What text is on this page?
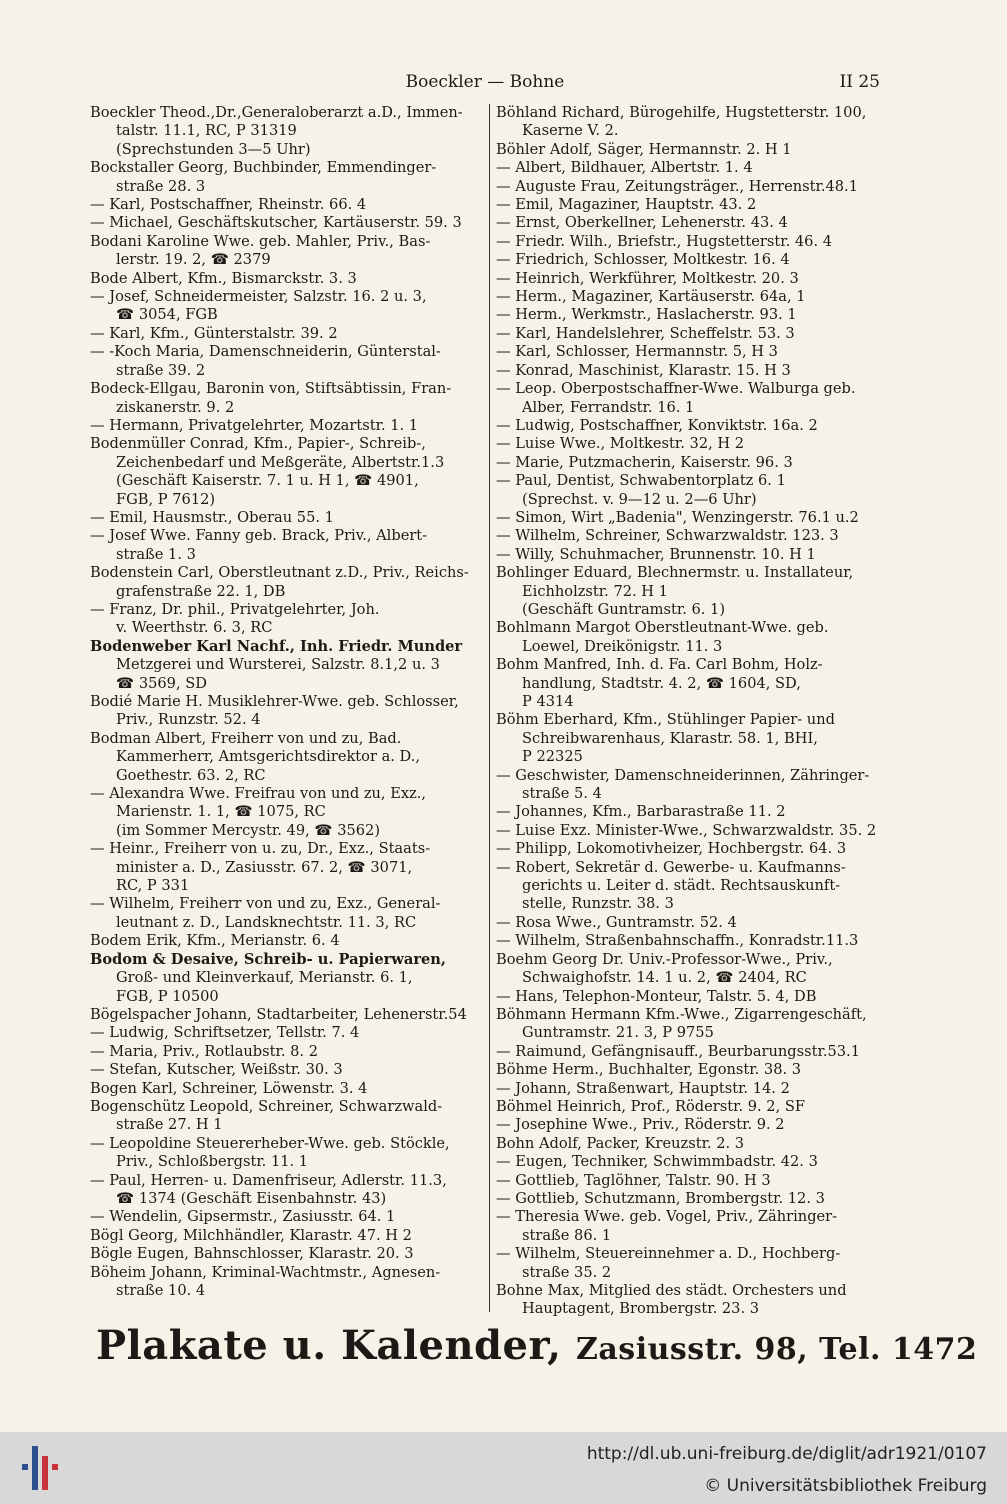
Boeckler — Bohne	II 25
Boeckler Theod.,Dr.,Generaloberarzt a.D., Immen-
talstr. 11.1, RC, P 31319
(Sprechstunden 3—5 Uhr)
Bockstaller Georg, Buchbinder, Emmendinger-
straße 28. 3
— Karl, Postschaffner, Rheinstr. 66. 4
— Michael, Geschäftskutscher, Kartäuserstr. 59. 3
Bodani Karoline Wwe. geb. Mahler, Priv., Bas-
lerstr. 19. 2, ☎ 2379
Bode Albert, Kfm., Bismarckstr. 3. 3
— Josef, Schneidermeister, Salzstr. 16. 2 u. 3,
☎ 3054, FGB
— Karl, Kfm., Günterstalstr. 39. 2
— -Koch Maria, Damenschneiderin, Günterstal-
straße 39. 2
Bodeck-Ellgau, Baronin von, Stiftsäbtissin, Fran-
ziskanerstr. 9. 2
— Hermann, Privatgelehrter, Mozartstr. 1. 1
Bodenmüller Conrad, Kfm., Papier-, Schreib-,
Zeichenbedarf und Meßgeräte, Albertstr.1.3
(Geschäft Kaiserstr. 7. 1 u. H 1, ☎ 4901,
FGB, P 7612)
— Emil, Hausmstr., Oberau 55. 1
— Josef Wwe. Fanny geb. Brack, Priv., Albert-
straße 1. 3
Bodenstein Carl, Oberstleutnant z.D., Priv., Reichs-
grafenstraße 22. 1, DB
— Franz, Dr. phil., Privatgelehrter, Joh.
v. Weerthstr. 6. 3, RC
Bodenweber Karl Nachf., Inh. Friedr. Munder
Metzgerei und Wursterei, Salzstr. 8.1,2 u. 3
☎ 3569, SD
Bodié Marie H. Musiklehrer-Wwe. geb. Schlosser,
Priv., Runzstr. 52. 4
Bodman Albert, Freiherr von und zu, Bad.
Kammerherr, Amtsgerichtsdirektor a. D.,
Goethestr. 63. 2, RC
— Alexandra Wwe. Freifrau von und zu, Exz.,
Marienstr. 1. 1, ☎ 1075, RC
(im Sommer Mercystr. 49, ☎ 3562)
— Heinr., Freiherr von u. zu, Dr., Exz., Staats-
minister a. D., Zasiusstr. 67. 2, ☎ 3071,
RC, P 331
— Wilhelm, Freiherr von und zu, Exz., General-
leutnant z. D., Landsknechtstr. 11. 3, RC
Bodem Erik, Kfm., Merianstr. 6. 4
Bodom & Desaive, Schreib- u. Papierwaren,
Groß- und Kleinverkauf, Merianstr. 6. 1,
FGB, P 10500
Bögelspacher Johann, Stadtarbeiter, Lehenerstr.54
— Ludwig, Schriftsetzer, Tellstr. 7. 4
— Maria, Priv., Rotlaubstr. 8. 2
— Stefan, Kutscher, Weißstr. 30. 3
Bogen Karl, Schreiner, Löwenstr. 3. 4
Bogenschütz Leopold, Schreiner, Schwarzwald-
straße 27. H 1
— Leopoldine Steuererheber-Wwe. geb. Stöckle,
Priv., Schloßbergstr. 11. 1
— Paul, Herren- u. Damenfriseur, Adlerstr. 11.3,
☎ 1374 (Geschäft Eisenbahnstr. 43)
— Wendelin, Gipsermstr., Zasiusstr. 64. 1
Bögl Georg, Milchhändler, Klarastr. 47. H 2
Bögle Eugen, Bahnschlosser, Klarastr. 20. 3
Böheim Johann, Kriminal-Wachtmstr., Agnesen-
straße 10. 4
Böhland Richard, Bürogehilfe, Hugstetterstr. 100,
Kaserne V. 2.
Böhler Adolf, Säger, Hermannstr. 2. H 1
— Albert, Bildhauer, Albertstr. 1. 4
— Auguste Frau, Zeitungsträger., Herrenstr.48.1
— Emil, Magaziner, Hauptstr. 43. 2
— Ernst, Oberkellner, Lehenerstr. 43. 4
— Friedr. Wilh., Briefstr., Hugstetterstr. 46. 4
— Friedrich, Schlosser, Moltkestr. 16. 4
— Heinrich, Werkführer, Moltkestr. 20. 3
— Herm., Magaziner, Kartäuserstr. 64a, 1
— Herm., Werkmstr., Haslacherstr. 93. 1
— Karl, Handelslehrer, Scheffelstr. 53. 3
— Karl, Schlosser, Hermannstr. 5, H 3
— Konrad, Maschinist, Klarastr. 15. H 3
— Leop. Oberpostschaffner-Wwe. Walburga geb.
Alber, Ferrandstr. 16. 1
— Ludwig, Postschaffner, Konviktstr. 16a. 2
— Luise Wwe., Moltkestr. 32, H 2
— Marie, Putzmacherin, Kaiserstr. 96. 3
— Paul, Dentist, Schwabentorplatz 6. 1
(Sprechst. v. 9—12 u. 2—6 Uhr)
— Simon, Wirt „Badenia", Wenzingerstr. 76.1 u.2
— Wilhelm, Schreiner, Schwarzwaldstr. 123. 3
— Willy, Schuhmacher, Brunnenstr. 10. H 1
Bohlinger Eduard, Blechnermstr. u. Installateur,
Eichholzstr. 72. H 1
(Geschäft Guntramstr. 6. 1)
Bohlmann Margot Oberstleutnant-Wwe. geb.
Loewel, Dreikönigstr. 11. 3
Bohm Manfred, Inh. d. Fa. Carl Bohm, Holz-
handlung, Stadtstr. 4. 2, ☎ 1604, SD,
P 4314
Böhm Eberhard, Kfm., Stühlinger Papier- und
Schreibwarenhaus, Klarastr. 58. 1, BHI,
P 22325
— Geschwister, Damenschneiderinnen, Zähringer-
straße 5. 4
— Johannes, Kfm., Barbarastraße 11. 2
— Luise Exz. Minister-Wwe., Schwarzwaldstr. 35. 2
— Philipp, Lokomotivheizer, Hochbergstr. 64. 3
— Robert, Sekretär d. Gewerbe- u. Kaufmanns-
gerichts u. Leiter d. städt. Rechtsauskunft-
stelle, Runzstr. 38. 3
— Rosa Wwe., Guntramstr. 52. 4
— Wilhelm, Straßenbahnschaffn., Konradstr.11.3
Boehm Georg Dr. Univ.-Professor-Wwe., Priv.,
Schwaighofstr. 14. 1 u. 2, ☎ 2404, RC
— Hans, Telephon-Monteur, Talstr. 5. 4, DB
Böhmann Hermann Kfm.-Wwe., Zigarrengeschäft,
Guntramstr. 21. 3, P 9755
— Raimund, Gefängnisauff., Beurbarungsstr.53.1
Böhme Herm., Buchhalter, Egonstr. 38. 3
— Johann, Straßenwart, Hauptstr. 14. 2
Böhmel Heinrich, Prof., Röderstr. 9. 2, SF
— Josephine Wwe., Priv., Röderstr. 9. 2
Bohn Adolf, Packer, Kreuzstr. 2. 3
— Eugen, Techniker, Schwimmbadstr. 42. 3
— Gottlieb, Taglöhner, Talstr. 90. H 3
— Gottlieb, Schutzmann, Brombergstr. 12. 3
— Theresia Wwe. geb. Vogel, Priv., Zähringer-
straße 86. 1
— Wilhelm, Steuereinnehmer a. D., Hochberg-
straße 35. 2
Bohne Max, Mitglied des städt. Orchesters und
Hauptagent, Brombergstr. 23. 3
Plakate u. Kalender, Zasiusstr. 98, Tel. 1472
http://dl.ub.uni-freiburg.de/diglit/adr1921/0107
© Universitätsbibliothek Freiburg
